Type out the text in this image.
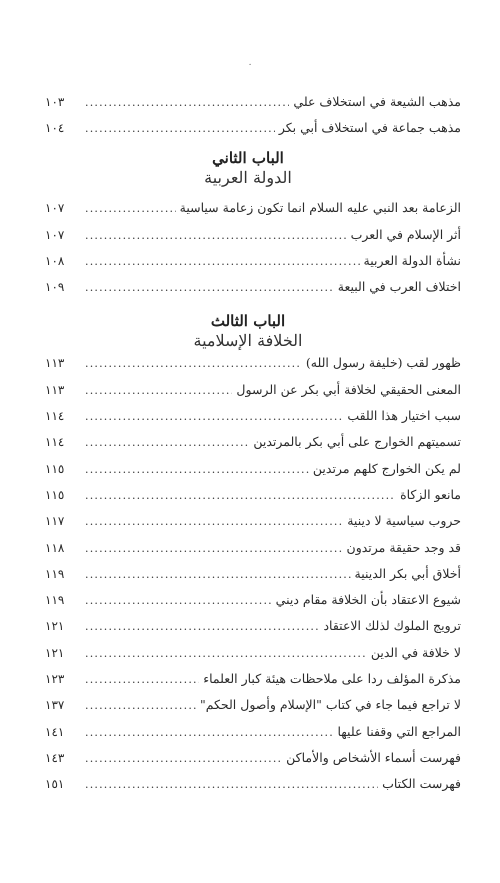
.
مذهب الشيعة في استخلاف علي
.....
١٠٣
مذهب جماعة في استخلاف أبي بكر
.....
١٠٤
الباب الثاني
الدولة العربية
الزعامة بعد النبي عليه السلام انما تكون زعامة سياسية
.....
١٠٧
أثر الإسلام في العرب
.....
١٠٧
نشأة الدولة العربية
.....
١٠٨
اختلاف العرب في البيعة
.....
١٠٩
الباب الثالث
الخلافة الإسلامية
ظهور لقب (خليفة رسول الله)
.....
١١٣
المعنى الحقيقي لخلافة أبي بكر عن الرسول
.....
١١٣
سبب اختيار هذا اللقب
.....
١١٤
تسميتهم الخوارج على أبي بكر بالمرتدين
.....
١١٤
لم يكن الخوارج كلهم مرتدين
.....
١١٥
مانعو الزكاة
.....
١١٥
حروب سياسية لا دينية
.....
١١٧
قد وجد حقيقة مرتدون
.....
١١٨
أخلاق أبي بكر الدينية
.....
١١٩
شيوع الاعتقاد بأن الخلافة مقام ديني
.....
١١٩
ترويج الملوك لذلك الاعتقاد
.....
١٢١
لا خلافة في الدين
.....
١٢١
مذكرة المؤلف ردا على ملاحظات هيئة كبار العلماء
.....
١٢٣
لا تراجع فيما جاء في كتاب "الإسلام وأصول الحكم"
.....
١٣٧
المراجع التي وقفنا عليها
.....
١٤١
فهرست أسماء الأشخاص والأماكن
.....
١٤٣
فهرست الكتاب
.....
١٥١
